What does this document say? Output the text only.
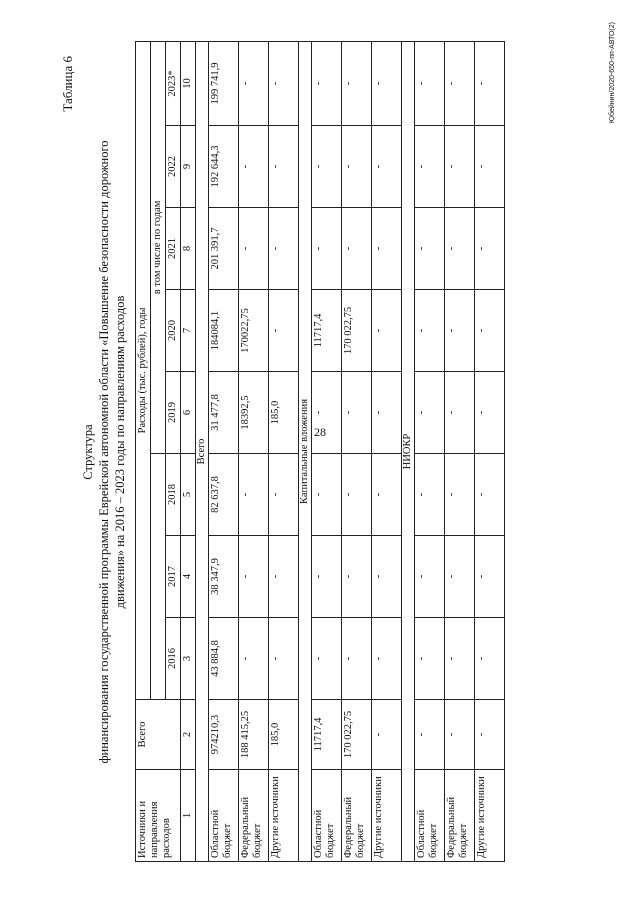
28
Таблица 6
Структура финансирования государственной программы Еврейской автономной области «Повышение безопасности дорожного движения» на 2016 – 2023 годы по направлениям расходов
Источники и направления расходов	Всего	Расходы (тыс. рублей), годы							
					в том числе по годам				
		2016	2017	2018	2019	2020	2021	2022	2023*
1	2	3	4	5	6	7	8	9	10
Всего									
Областной бюджет	974210,3	43 884,8	38 347,9	82 637,8	31 477,8	184084,1	201 391,7	192 644,3	199 741,9
Федеральный бюджет	188 415,25	-	-	-	18392,5	170022,75	-	-	-
Другие источники	185,0	-	-	-	185,0	-	-	-	-
Капитальные вложения									
Областной бюджет	11717,4	-	-	-	-	11717,4	-	-	-
Федеральный бюджет	170 022,75	-	-	-	-	170 022,75	-	-	-
Другие источники	-	-	-	-	-	-	-	-	-
НИОКР									
Областной бюджет	-	-	-	-	-	-	-	-	-
Федеральный бюджет	-	-	-	-	-	-	-	-	-
Другие источники	-	-	-	-	-	-	-	-	-	Юбейнин/2020-650-пп-АВТО(2)
